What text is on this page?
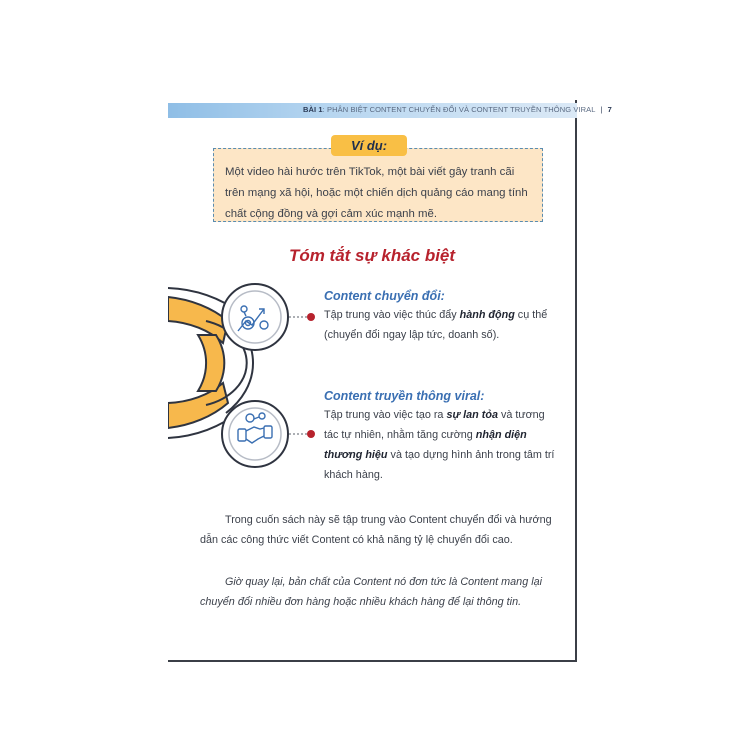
BÀI 1: PHÂN BIỆT CONTENT CHUYỂN ĐỔI VÀ CONTENT TRUYỀN THÔNG VIRAL | 7
Ví dụ:
Một video hài hước trên TikTok, một bài viết gây tranh cãi trên mạng xã hội, hoặc một chiến dịch quảng cáo mang tính chất cộng đồng và gợi cảm xúc mạnh mẽ.
Tóm tắt sự khác biệt
Content chuyển đổi:
Tập trung vào việc thúc đẩy hành động cụ thể (chuyển đổi ngay lập tức, doanh số).
Content truyền thông viral:
Tập trung vào việc tạo ra sự lan tỏa và tương tác tự nhiên, nhằm tăng cường nhận diện thương hiệu và tạo dựng hình ảnh trong tâm trí khách hàng.
Trong cuốn sách này sẽ tập trung vào Content chuyển đổi và hướng dẫn các công thức viết Content có khả năng tỷ lệ chuyển đổi cao.
Giờ quay lại, bản chất của Content nó đơn tức là Content mang lại chuyển đổi nhiều đơn hàng hoặc nhiều khách hàng để lại thông tin.
